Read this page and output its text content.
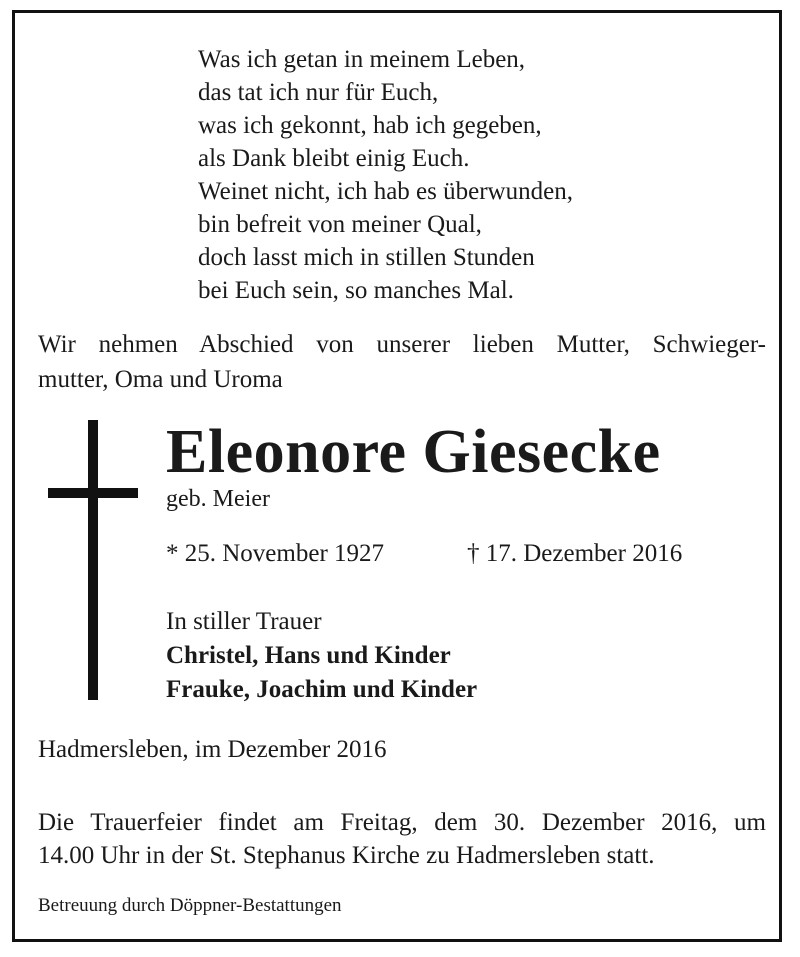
Was ich getan in meinem Leben,
das tat ich nur für Euch,
was ich gekonnt, hab ich gegeben,
als Dank bleibt einig Euch.
Weinet nicht, ich hab es überwunden,
bin befreit von meiner Qual,
doch lasst mich in stillen Stunden
bei Euch sein, so manches Mal.
Wir nehmen Abschied von unserer lieben Mutter, Schwieger-
mutter, Oma und Uroma
Eleonore Giesecke
geb. Meier
* 25. November 1927	† 17. Dezember 2016
In stiller Trauer
Christel, Hans und Kinder
Frauke, Joachim und Kinder
Hadmersleben, im Dezember 2016
Die Trauerfeier findet am Freitag, dem 30. Dezember 2016, um
14.00 Uhr in der St. Stephanus Kirche zu Hadmersleben statt.
Betreuung durch Döppner-Bestattungen
